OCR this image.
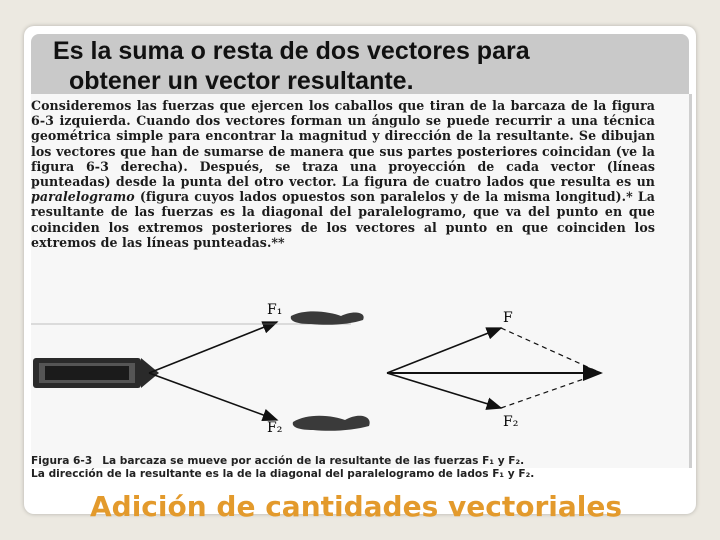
Es la suma o resta de dos vectores para
obtener un vector resultante.

Consideremos las fuerzas que ejercen los caballos que tiran de la barcaza de la figura 6-3 izquierda. Cuando dos vectores forman un ángulo se puede recurrir a una técnica geométrica simple para encontrar la magnitud y dirección de la resultante. Se dibujan los vectores que han de sumarse de manera que sus partes posteriores coincidan (ve la figura 6-3 derecha). Después, se traza una proyección de cada vector (líneas punteadas) desde la punta del otro vector. La figura de cuatro lados que resulta es un paralelogramo (figura cuyos lados opuestos son paralelos y de la misma longitud).* La resultante de las fuerzas es la diagonal del paralelogramo, que va del punto en que coinciden los extremos posteriores de los vectores al punto en que coinciden los extremos de las líneas punteadas.**

F₁
F₂
F
F₂

Figura 6-3 La barcaza se mueve por acción de la resultante de las fuerzas F₁ y F₂.
La dirección de la resultante es la de la diagonal del paralelogramo de lados F₁ y F₂.

Adición de cantidades vectoriales
